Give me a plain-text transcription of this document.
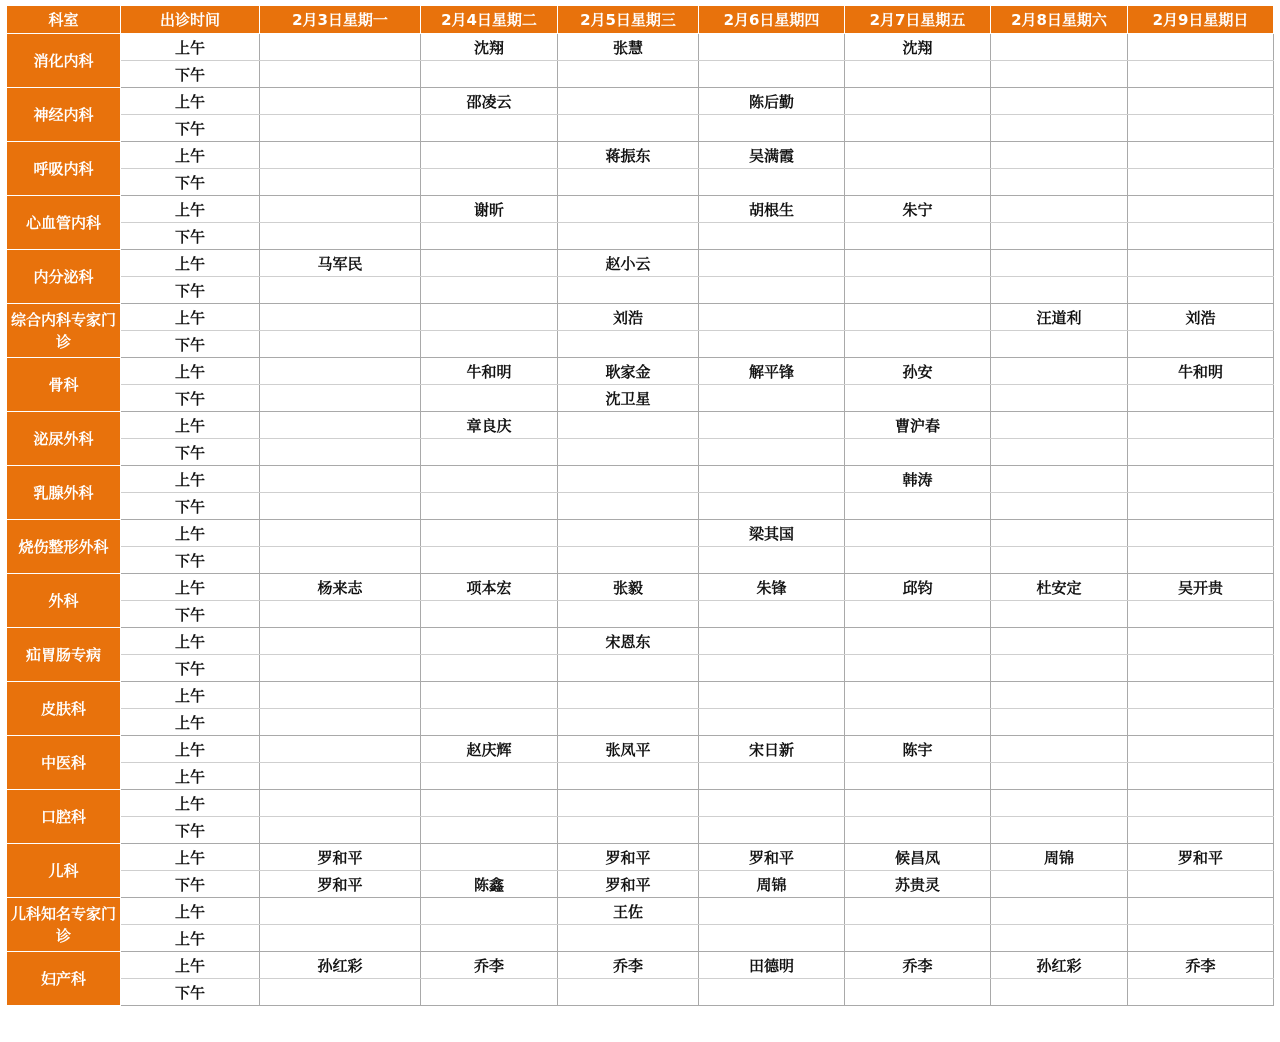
科室	出诊时间	2月3日星期一	2月4日星期二	2月5日星期三	2月6日星期四	2月7日星期五	2月8日星期六	2月9日星期日
消化内科	上午		沈翔	张慧		沈翔		
	下午							
神经内科	上午		邵凌云		陈后勤			
	下午							
呼吸内科	上午			蒋振东	吴满霞			
	下午							
心血管内科	上午		谢昕		胡根生	朱宁		
	下午							
内分泌科	上午	马军民		赵小云				
	下午							
综合内科专家门诊	上午			刘浩			汪道利	刘浩
	下午							
骨科	上午		牛和明	耿家金	解平锋	孙安		牛和明
	下午			沈卫星				
泌尿外科	上午		章良庆			曹沪春		
	下午							
乳腺外科	上午					韩涛		
	下午							
烧伤整形外科	上午				梁其国			
	下午							
外科	上午	杨来志	项本宏	张毅	朱锋	邱钧	杜安定	吴开贵
	下午							
疝胃肠专病	上午			宋恩东				
	下午							
皮肤科	上午							
	上午							
中医科	上午		赵庆辉	张凤平	宋日新	陈宇		
	上午							
口腔科	上午							
	下午							
儿科	上午	罗和平		罗和平	罗和平	候昌凤	周锦	罗和平
	下午	罗和平	陈鑫	罗和平	周锦	苏贵灵		
儿科知名专家门诊	上午			王佐				
	上午							
妇产科	上午	孙红彩	乔李	乔李	田德明	乔李	孙红彩	乔李
	下午							
